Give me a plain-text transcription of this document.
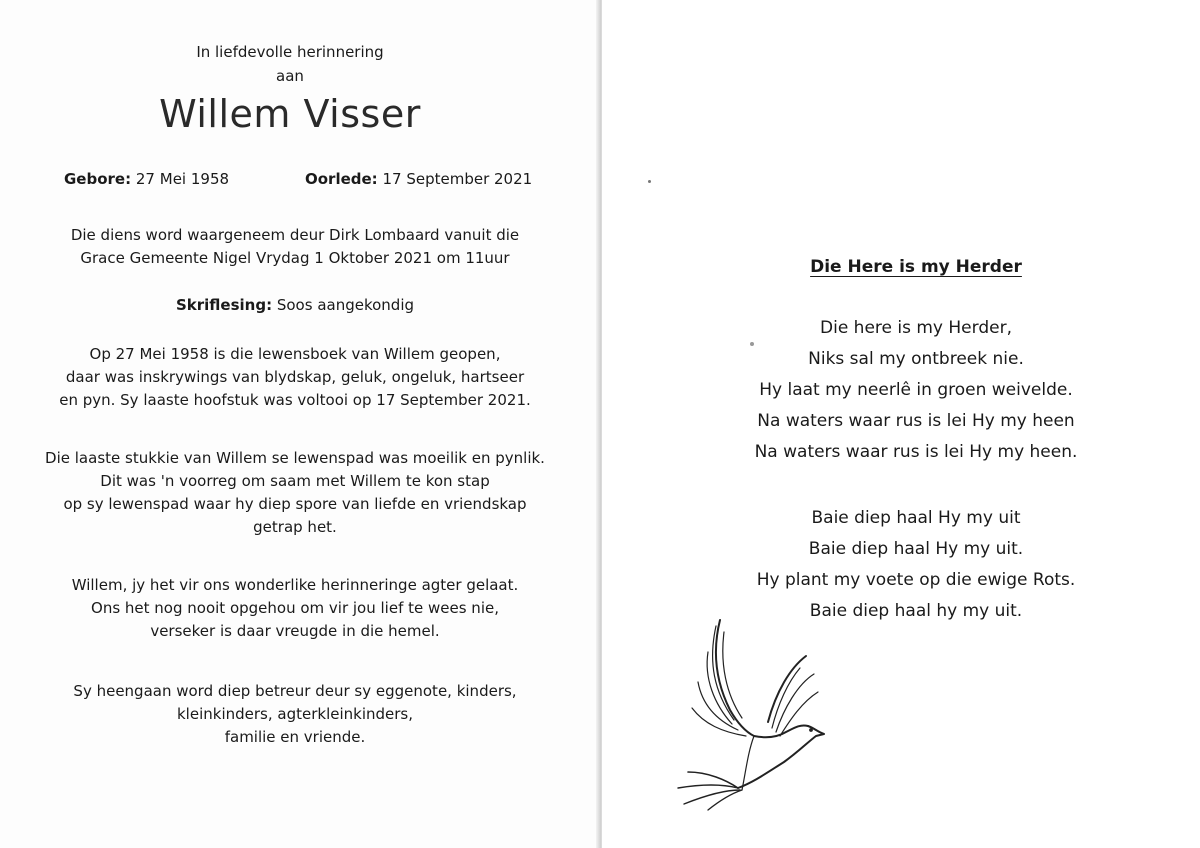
In liefdevolle herinnering
aan
Willem Visser
Gebore: 27 Mei 1958	Oorlede: 17 September 2021
Die diens word waargeneem deur Dirk Lombaard vanuit die
Grace Gemeente Nigel Vrydag 1 Oktober 2021 om 11uur
Skriflesing: Soos aangekondig
Op 27 Mei 1958 is die lewensboek van Willem geopen,
daar was inskrywings van blydskap, geluk, ongeluk, hartseer
en pyn. Sy laaste hoofstuk was voltooi op 17 September 2021.
Die laaste stukkie van Willem se lewenspad was moeilik en pynlik.
Dit was 'n voorreg om saam met Willem te kon stap
op sy lewenspad waar hy diep spore van liefde en vriendskap
getrap het.
Willem, jy het vir ons wonderlike herinneringe agter gelaat.
Ons het nog nooit opgehou om vir jou lief te wees nie,
verseker is daar vreugde in die hemel.
Sy heengaan word diep betreur deur sy eggenote, kinders,
kleinkinders, agterkleinkinders,
familie en vriende.
Die Here is my Herder
Die here is my Herder,
Niks sal my ontbreek nie.
Hy laat my neerlê in groen weivelde.
Na waters waar rus is lei Hy my heen
Na waters waar rus is lei Hy my heen.
Baie diep haal Hy my uit
Baie diep haal Hy my uit.
Hy plant my voete op die ewige Rots.
Baie diep haal hy my uit.
